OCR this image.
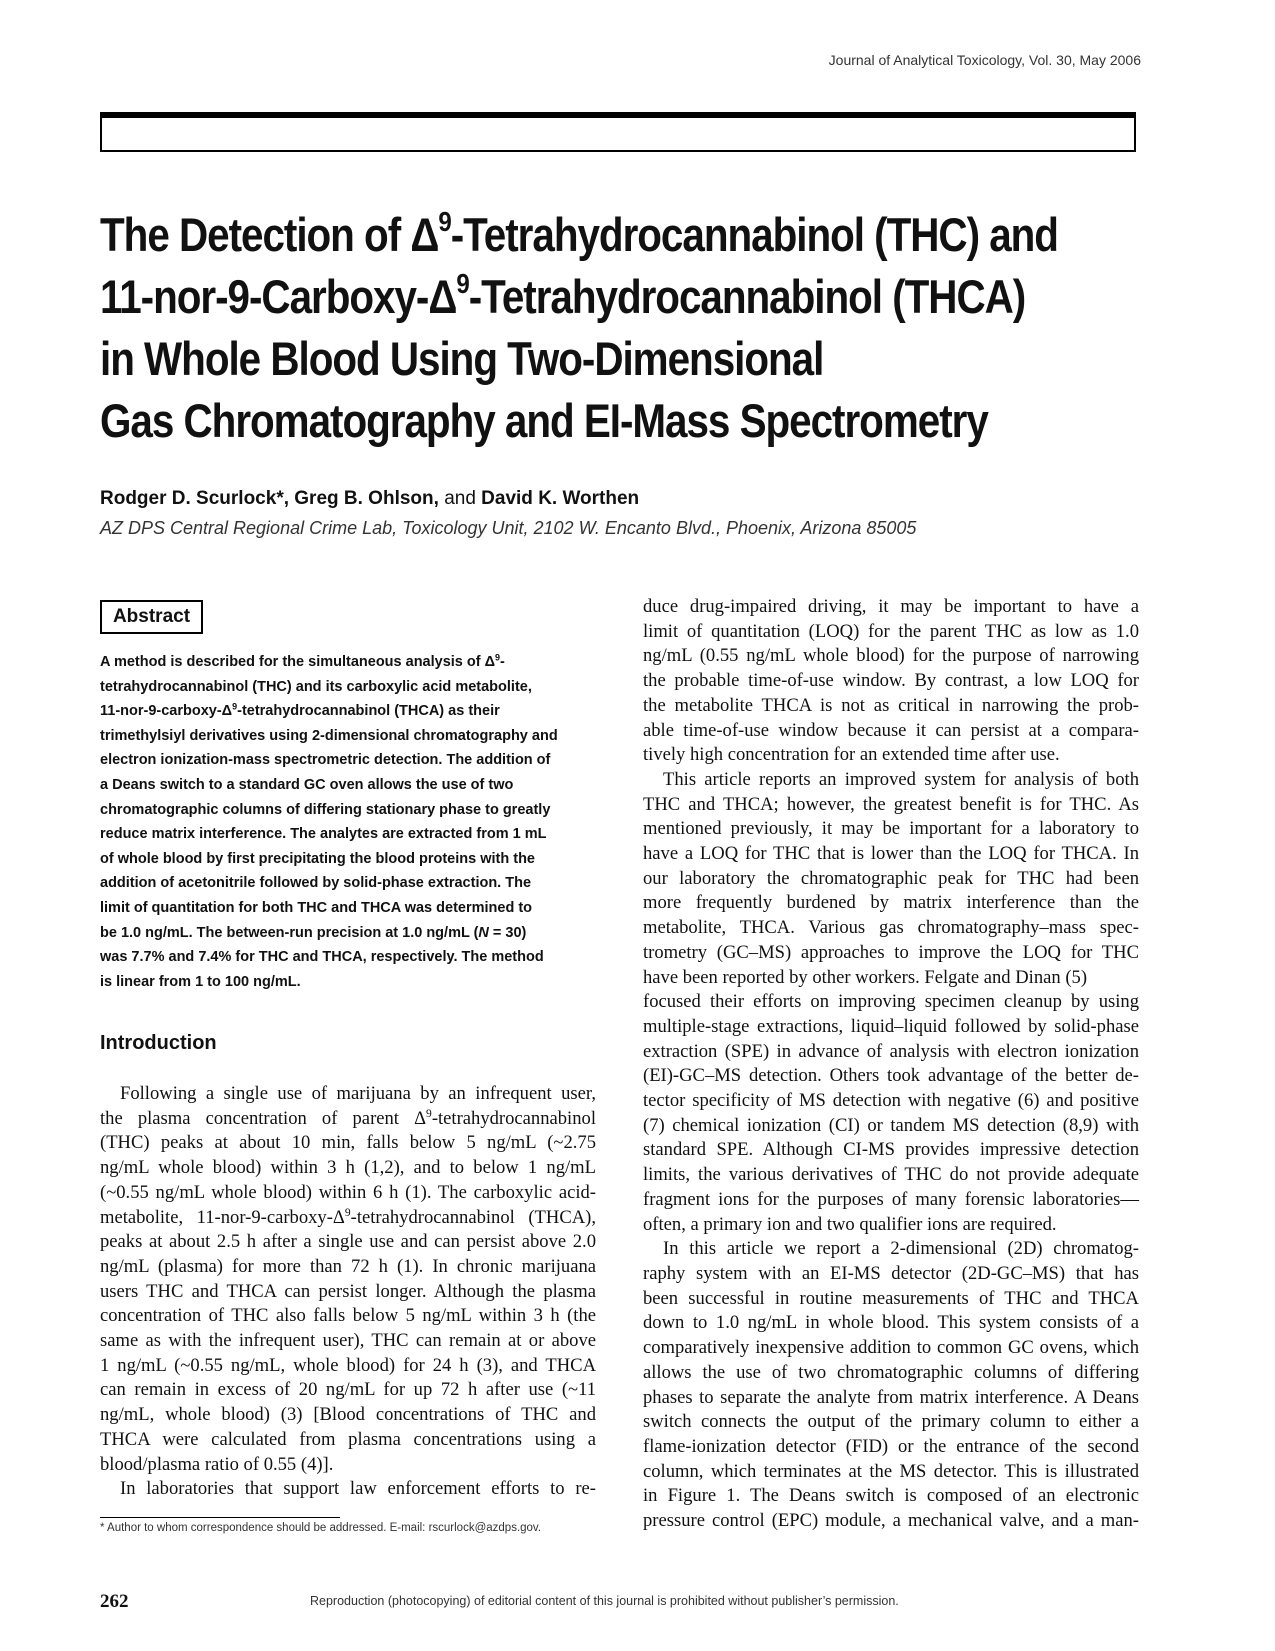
Journal of Analytical Toxicology, Vol. 30, May 2006
The Detection of $\Delta^9$-Tetrahydrocannabinol (THC) and
$11-nor-9-Carboxy-\Delta^9$-Tetrahydrocannabinol (THCA)
in Whole Blood Using Two-Dimensional
Gas Chromatography and EI-Mass Spectrometry
Rodger D. Scurlock*, Greg B. Ohlson, and David K. Worthen
AZ DPS Central Regional Crime Lab, Toxicology Unit, 2102 W. Encanto Blvd., Phoenix, Arizona 85005
Abstract
A method is described for the simultaneous analysis of $\Delta^9-$
tetrahydrocannabinol (THC) and its carboxylic acid metabolite,
$11-nor-9-carboxy-\Delta^9$-tetrahydrocannabinol (THCA) as their
trimethylsiyl derivatives using 2-dimensional chromatography and
electron ionization-mass spectrometric detection. The addition of
a Deans switch to a standard GC oven allows the use of two
chromatographic columns of differing stationary phase to greatly
reduce matrix interference. The analytes are extracted from 1 mL
of whole blood by first precipitating the blood proteins with the
addition of acetonitrile followed by solid-phase extraction. The
limit of quantitation for both THC and THCA was determined to
be 1.0 ng/mL. The between-run precision at 1.0 ng/mL (N = 30)
was 7.7% and 7.4% for THC and THCA, respectively. The method
is linear from 1 to 100 ng/mL.
Introduction
Following a single use of marijuana by an infrequent user,
the plasma concentration of parent $\Delta^9$-tetrahydrocannabinol
(THC) peaks at about 10 min, falls below 5 ng/mL (~2.75
ng/mL whole blood) within 3 h (1,2), and to below 1 ng/mL
(~0.55 ng/mL whole blood) within 6 h (1). The carboxylic acid-
metabolite, $11-nor-9-carboxy-\Delta^9$-tetrahydrocannabinol (THCA),
peaks at about 2.5 h after a single use and can persist above 2.0
ng/mL (plasma) for more than 72 h (1). In chronic marijuana
users THC and THCA can persist longer. Although the plasma
concentration of THC also falls below 5 ng/mL within 3 h (the
same as with the infrequent user), THC can remain at or above
1 ng/mL (~0.55 ng/mL, whole blood) for 24 h (3), and THCA
can remain in excess of 20 ng/mL for up 72 h after use (~11
ng/mL, whole blood) (3) [Blood concentrations of THC and
THCA were calculated from plasma concentrations using a
blood/plasma ratio of 0.55 (4)].
In laboratories that support law enforcement efforts to re-
duce drug-impaired driving, it may be important to have a
limit of quantitation (LOQ) for the parent THC as low as 1.0
ng/mL (0.55 ng/mL whole blood) for the purpose of narrowing
the probable time-of-use window. By contrast, a low LOQ for
the metabolite THCA is not as critical in narrowing the prob-
able time-of-use window because it can persist at a compara-
tively high concentration for an extended time after use.
This article reports an improved system for analysis of both
THC and THCA; however, the greatest benefit is for THC. As
mentioned previously, it may be important for a laboratory to
have a LOQ for THC that is lower than the LOQ for THCA. In
our laboratory the chromatographic peak for THC had been
more frequently burdened by matrix interference than the
metabolite, THCA. Various gas chromatography–mass spec-
trometry (GC–MS) approaches to improve the LOQ for THC
have been reported by other workers. Felgate and Dinan (5)
focused their efforts on improving specimen cleanup by using
multiple-stage extractions, liquid–liquid followed by solid-phase
extraction (SPE) in advance of analysis with electron ionization
(EI)-GC–MS detection. Others took advantage of the better de-
tector specificity of MS detection with negative (6) and positive
(7) chemical ionization (CI) or tandem MS detection (8,9) with
standard SPE. Although CI-MS provides impressive detection
limits, the various derivatives of THC do not provide adequate
fragment ions for the purposes of many forensic laboratories—
often, a primary ion and two qualifier ions are required.
In this article we report a 2-dimensional (2D) chromatog-
raphy system with an EI-MS detector (2D-GC–MS) that has
been successful in routine measurements of THC and THCA
down to 1.0 ng/mL in whole blood. This system consists of a
comparatively inexpensive addition to common GC ovens, which
allows the use of two chromatographic columns of differing
phases to separate the analyte from matrix interference. A Deans
switch connects the output of the primary column to either a
flame-ionization detector (FID) or the entrance of the second
column, which terminates at the MS detector. This is illustrated
in Figure 1. The Deans switch is composed of an electronic
pressure control (EPC) module, a mechanical valve, and a man-
* Author to whom correspondence should be addressed. E-mail: rscurlock@azdps.gov.
262	Reproduction (photocopying) of editorial content of this journal is prohibited without publisher’s permission.
